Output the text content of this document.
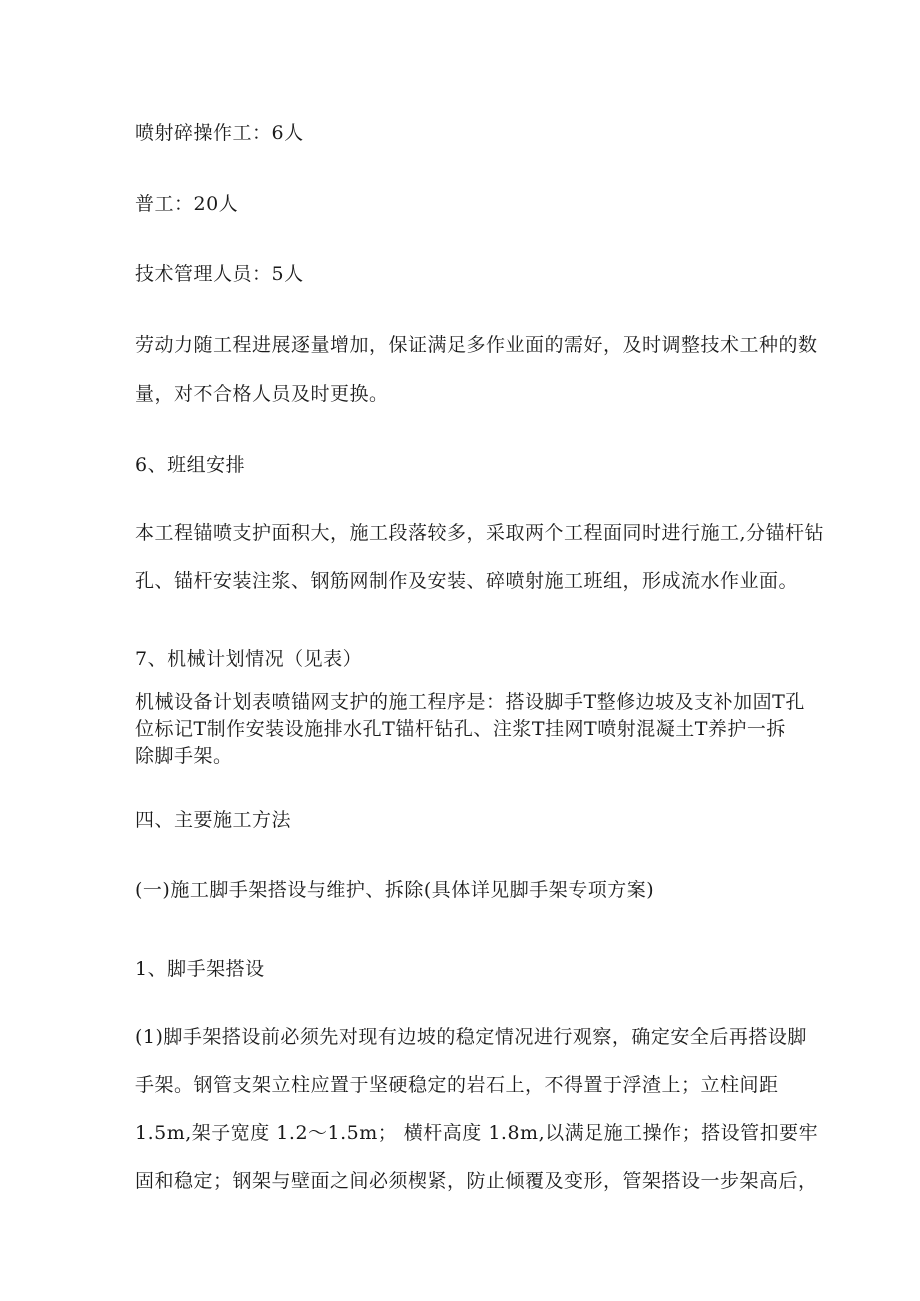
喷射碎操作工：6人
普工：20人
技术管理人员：5人
劳动力随工程进展逐量增加，保证满足多作业面的需好，及时调整技术工种的数
量，对不合格人员及时更换。
6、班组安排
本工程锚喷支护面积大，施工段落较多，采取两个工程面同时进行施工,分锚杆钻
孔、锚杆安装注浆、钢筋网制作及安装、碎喷射施工班组，形成流水作业面。
7、机械计划情况（见表）
机械设备计划表喷锚网支护的施工程序是：搭设脚手T整修边坡及支补加固T孔
位标记T制作安装设施排水孔T锚杆钻孔、注浆T挂网T喷射混凝土T养护一拆
除脚手架。
四、主要施工方法
(一)施工脚手架搭设与维护、拆除(具体详见脚手架专项方案)
1、脚手架搭设
(1)脚手架搭设前必须先对现有边坡的稳定情况进行观察，确定安全后再搭设脚
手架。钢管支架立柱应置于坚硬稳定的岩石上，不得置于浮渣上；立柱间距
1.5m,架子宽度 1.2～1.5m； 横杆高度 1.8m,以满足施工操作；搭设管扣要牢
固和稳定；钢架与壁面之间必须楔紧，防止倾覆及变形，管架搭设一步架高后，
